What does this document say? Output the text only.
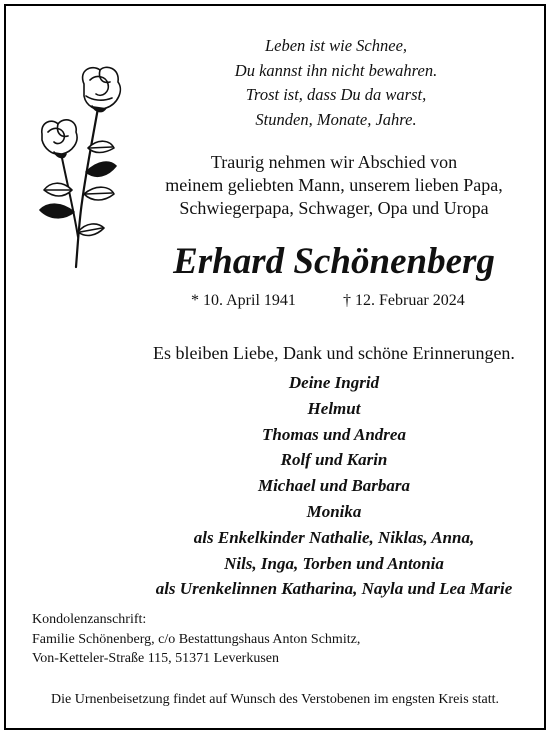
Leben ist wie Schnee,
Du kannst ihn nicht bewahren.
Trost ist, dass Du da warst,
Stunden, Monate, Jahre.
Traurig nehmen wir Abschied von
meinem geliebten Mann, unserem lieben Papa,
Schwiegerpapa, Schwager, Opa und Uropa
Erhard Schönenberg
* 10. April 1941	† 12. Februar 2024
Es bleiben Liebe, Dank und schöne Erinnerungen.
Deine Ingrid
Helmut
Thomas und Andrea
Rolf und Karin
Michael und Barbara
Monika
als Enkelkinder Nathalie, Niklas, Anna,
Nils, Inga, Torben und Antonia
als Urenkelinnen Katharina, Nayla und Lea Marie
Kondolenzanschrift:
Familie Schönenberg, c/o Bestattungshaus Anton Schmitz,
Von-Ketteler-Straße 115, 51371 Leverkusen
Die Urnenbeisetzung findet auf Wunsch des Verstobenen im engsten Kreis statt.
